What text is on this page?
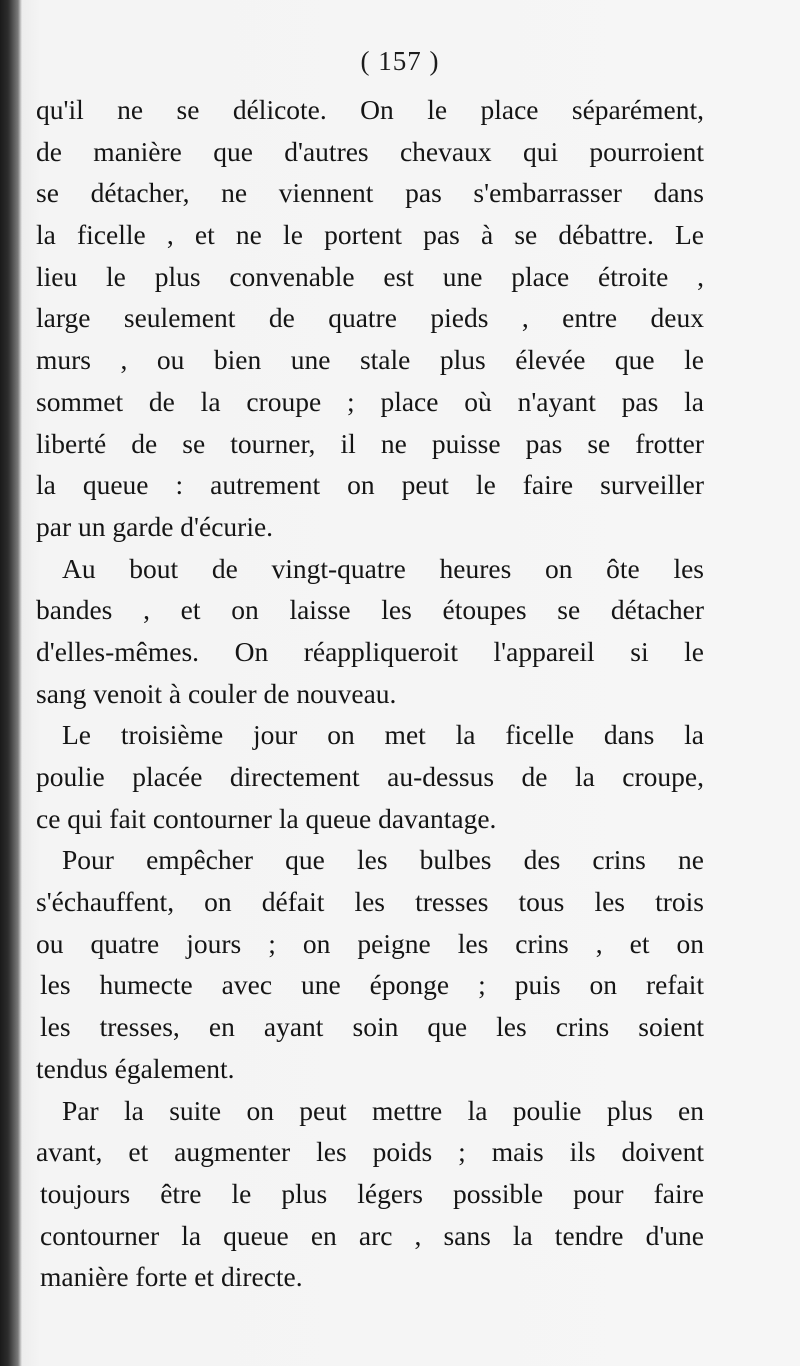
( 157 )
qu'il ne se délicote. On le place séparément,
de manière que d'autres chevaux qui pourroient
se détacher, ne viennent pas s'embarrasser dans
la ficelle , et ne le portent pas à se débattre. Le
lieu le plus convenable est une place étroite ,
large seulement de quatre pieds , entre deux
murs , ou bien une stale plus élevée que le
sommet de la croupe ; place où n'ayant pas la
liberté de se tourner, il ne puisse pas se frotter
la queue : autrement on peut le faire surveiller
par un garde d'écurie.
Au bout de vingt-quatre heures on ôte les
bandes , et on laisse les étoupes se détacher
d'elles-mêmes. On réappliqueroit l'appareil si le
sang venoit à couler de nouveau.
Le troisième jour on met la ficelle dans la
poulie placée directement au-dessus de la croupe,
ce qui fait contourner la queue davantage.
Pour empêcher que les bulbes des crins ne
s'échauffent, on défait les tresses tous les trois
ou quatre jours ; on peigne les crins , et on
les humecte avec une éponge ; puis on refait
les tresses, en ayant soin que les crins soient
tendus également.
Par la suite on peut mettre la poulie plus en
avant, et augmenter les poids ; mais ils doivent
toujours être le plus légers possible pour faire
contourner la queue en arc , sans la tendre d'une
manière forte et directe.
